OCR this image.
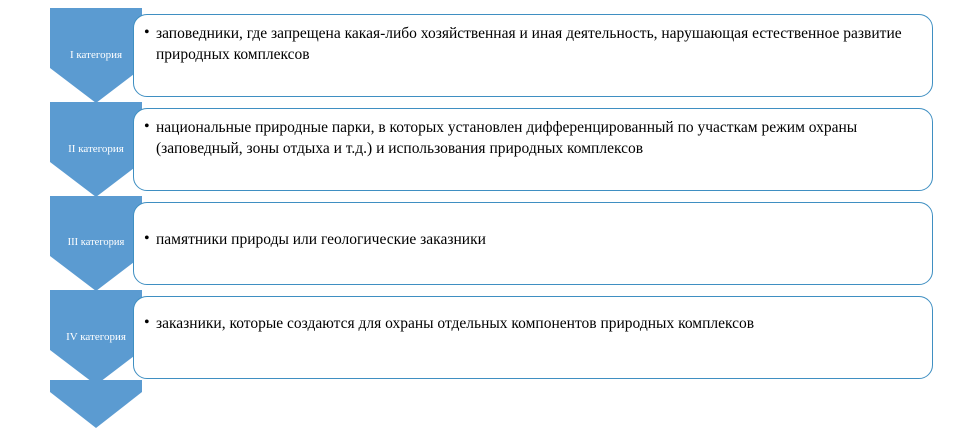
I категория
• заповедники, где запрещена какая-либо хозяйственная и иная деятельность, нарушающая естественное развитие природных комплексов
II категория
• национальные природные парки, в которых установлен дифференцированный по участкам режим охраны (заповедный, зоны отдыха и т.д.) и использования природных комплексов
III категория	• памятники природы или геологические заказники
IV категория
• заказники, которые создаются для охраны отдельных компонентов природных комплексов
